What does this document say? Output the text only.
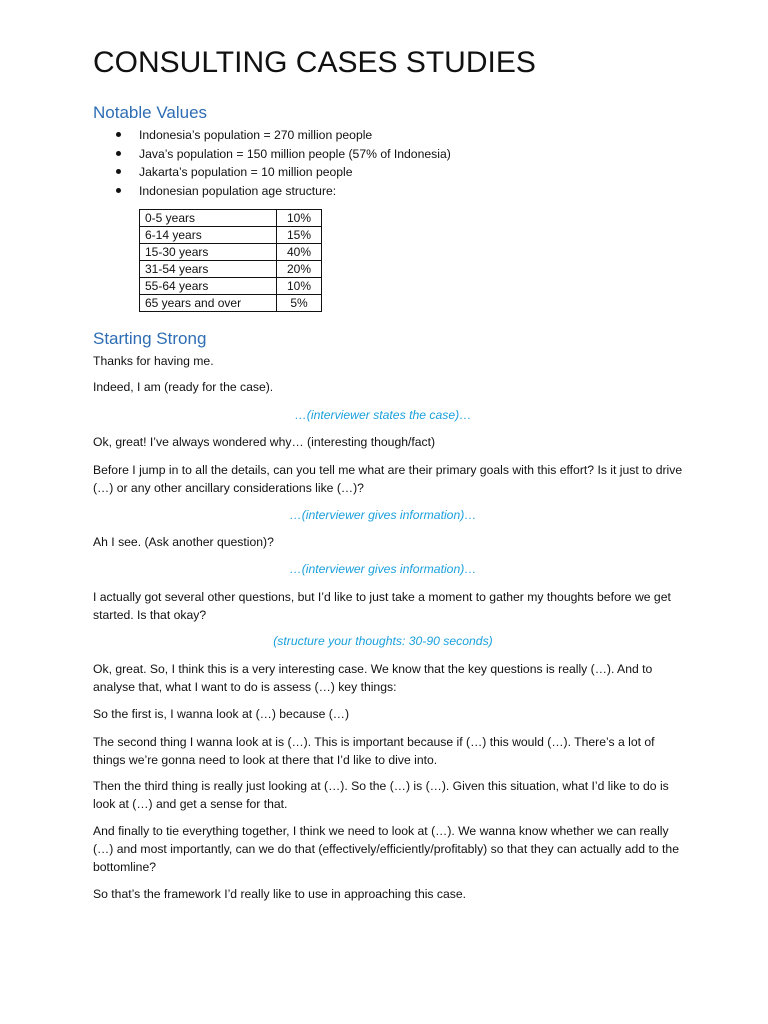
CONSULTING CASES STUDIES
Notable Values
Indonesia’s population = 270 million people
Java’s population = 150 million people (57% of Indonesia)
Jakarta’s population = 10 million people
Indonesian population age structure:
0-5 years	10%
6-14 years	15%
15-30 years	40%
31-54 years	20%
55-64 years	10%
65 years and over	5%
Starting Strong

Thanks for having me.

Indeed, I am (ready for the case).

…(interviewer states the case)…

Ok, great! I’ve always wondered why… (interesting though/fact)

Before I jump in to all the details, can you tell me what are their primary goals with this effort? Is it just to drive (…) or any other ancillary considerations like (…)?

…(interviewer gives information)…

Ah I see. (Ask another question)?

…(interviewer gives information)…

I actually got several other questions, but I’d like to just take a moment to gather my thoughts before we get started. Is that okay?

(structure your thoughts: 30-90 seconds)

Ok, great. So, I think this is a very interesting case. We know that the key questions is really (…). And to analyse that, what I want to do is assess (…) key things:

So the first is, I wanna look at (…) because (…)

The second thing I wanna look at is (…). This is important because if (…) this would (…). There’s a lot of things we’re gonna need to look at there that I’d like to dive into.

Then the third thing is really just looking at (…). So the (…) is (…). Given this situation, what I’d like to do is look at (…) and get a sense for that.

And finally to tie everything together, I think we need to look at (…). We wanna know whether we can really (…) and most importantly, can we do that (effectively/efficiently/profitably) so that they can actually add to the bottomline?

So that’s the framework I’d really like to use in approaching this case.
